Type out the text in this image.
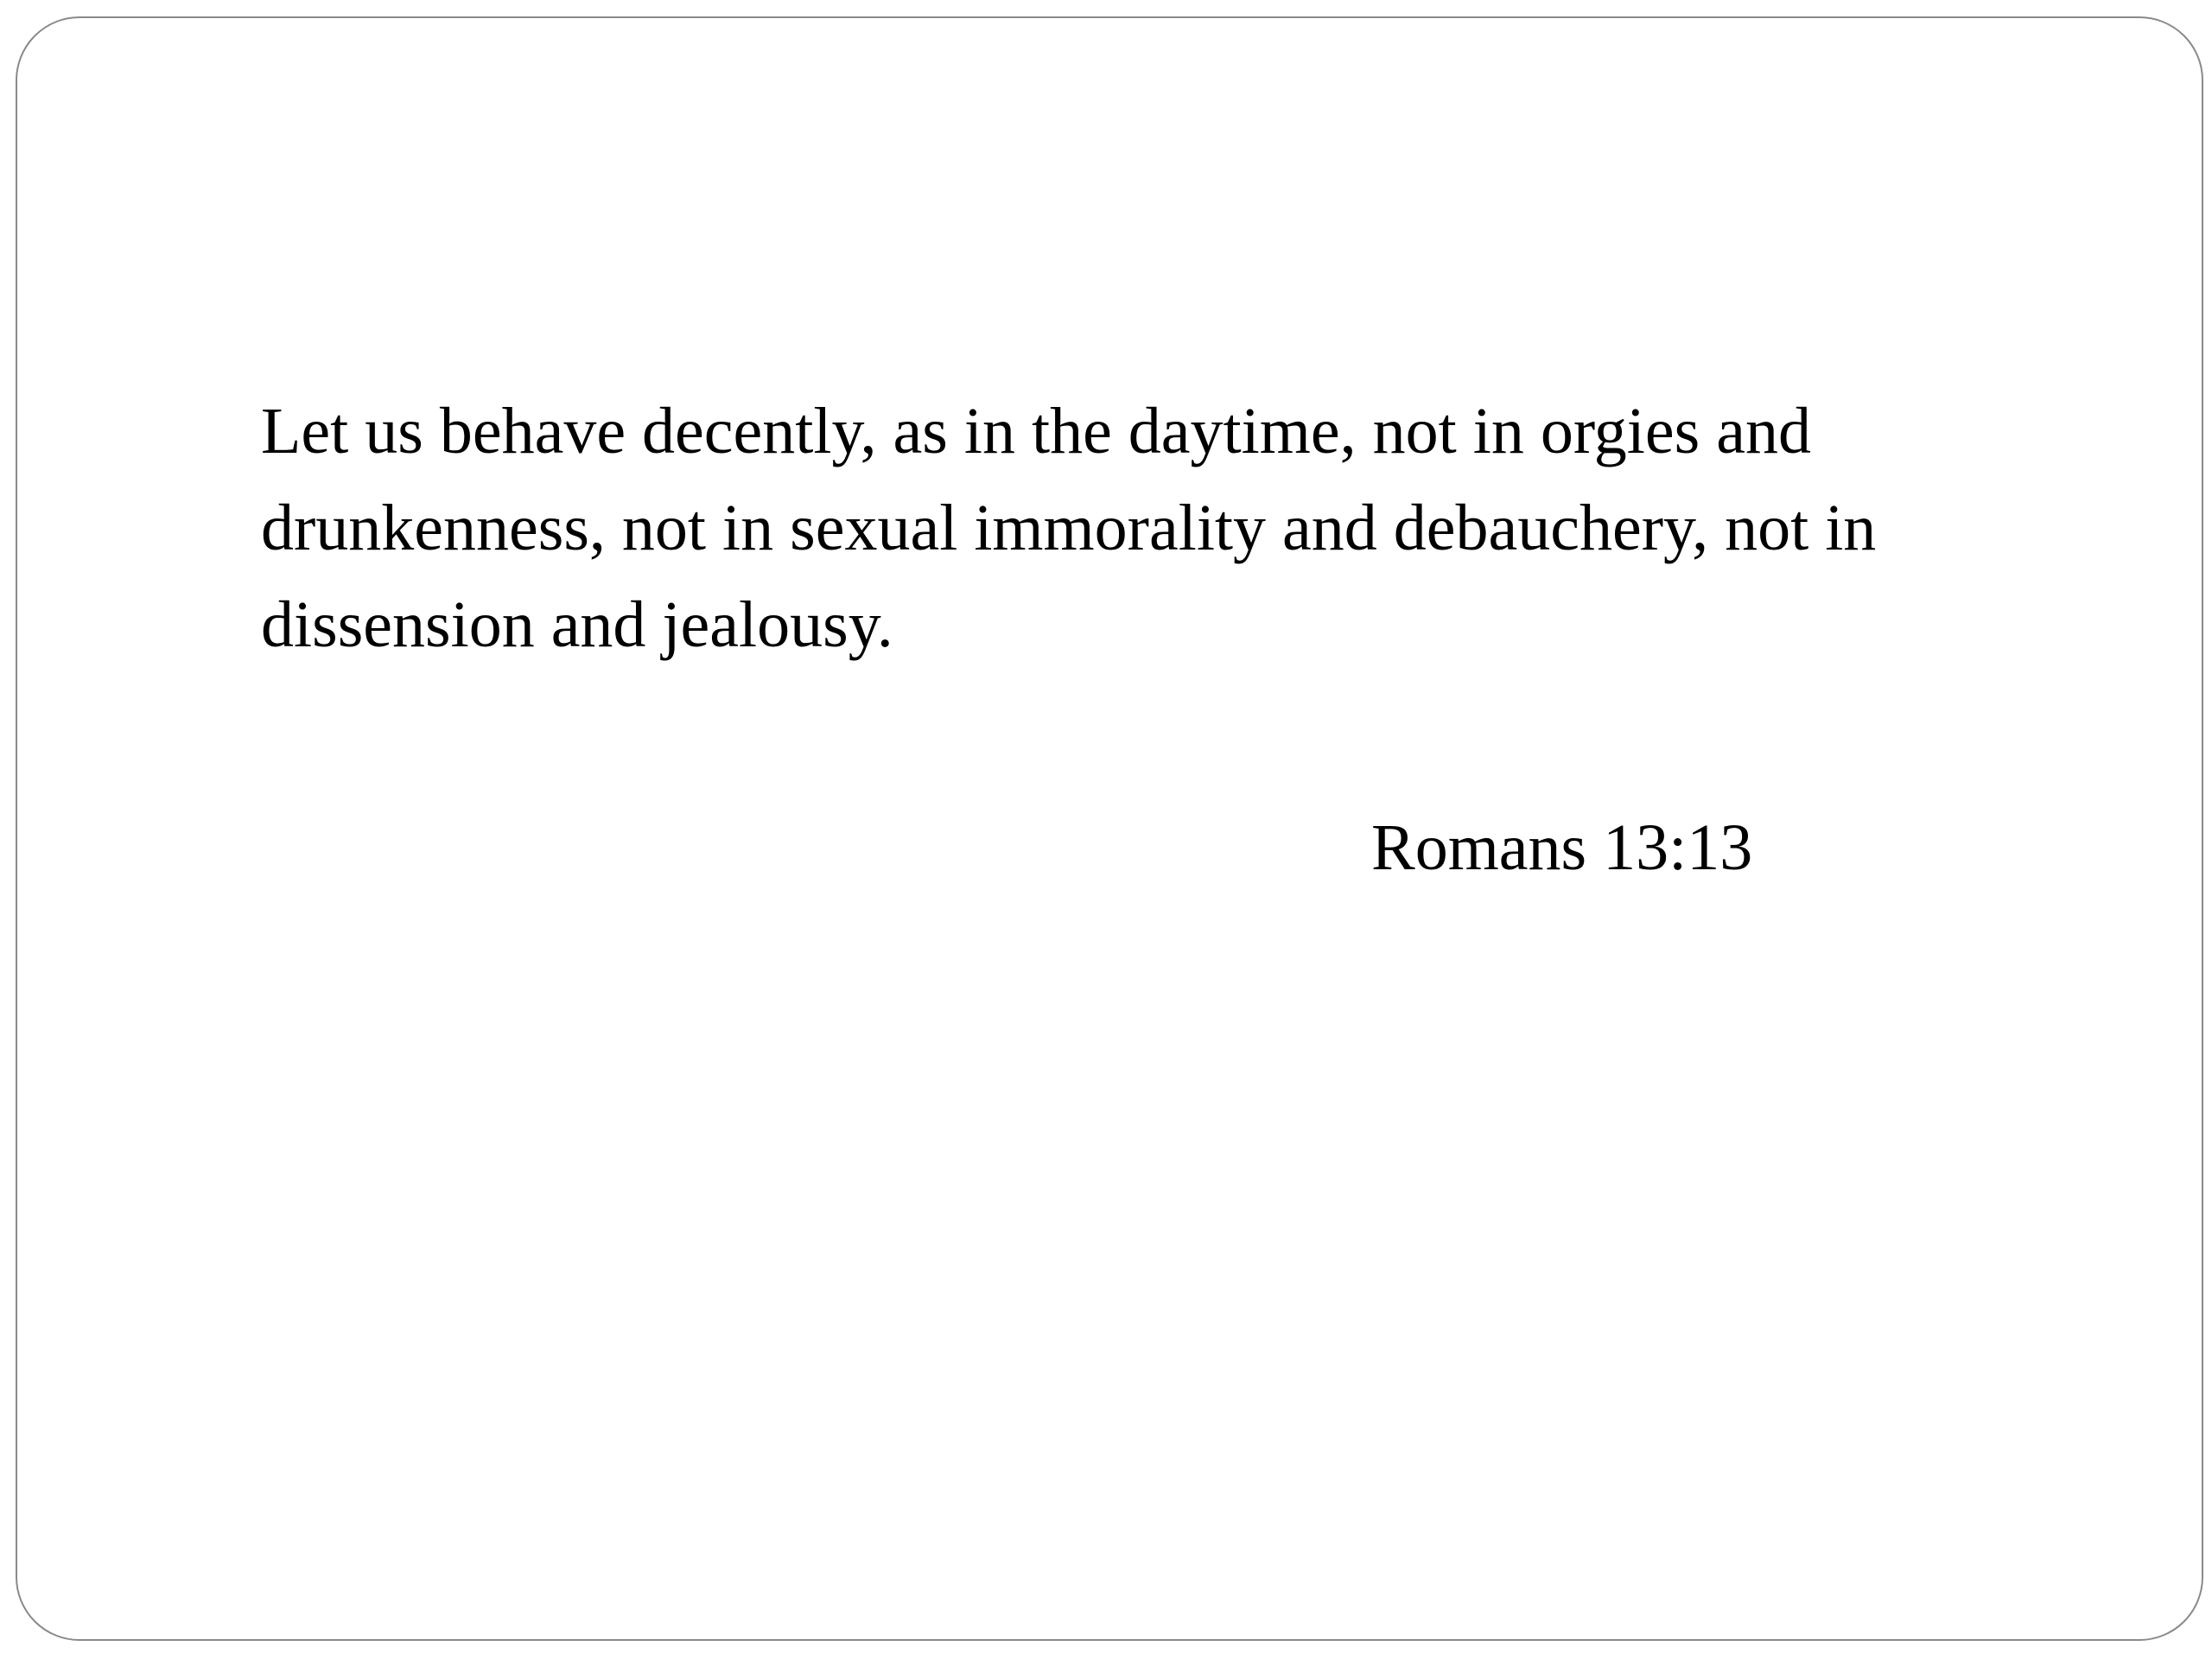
Let us behave decently, as in the daytime, not in orgies and
drunkenness, not in sexual immorality and debauchery, not in
dissension and jealousy.

Romans 13:13
